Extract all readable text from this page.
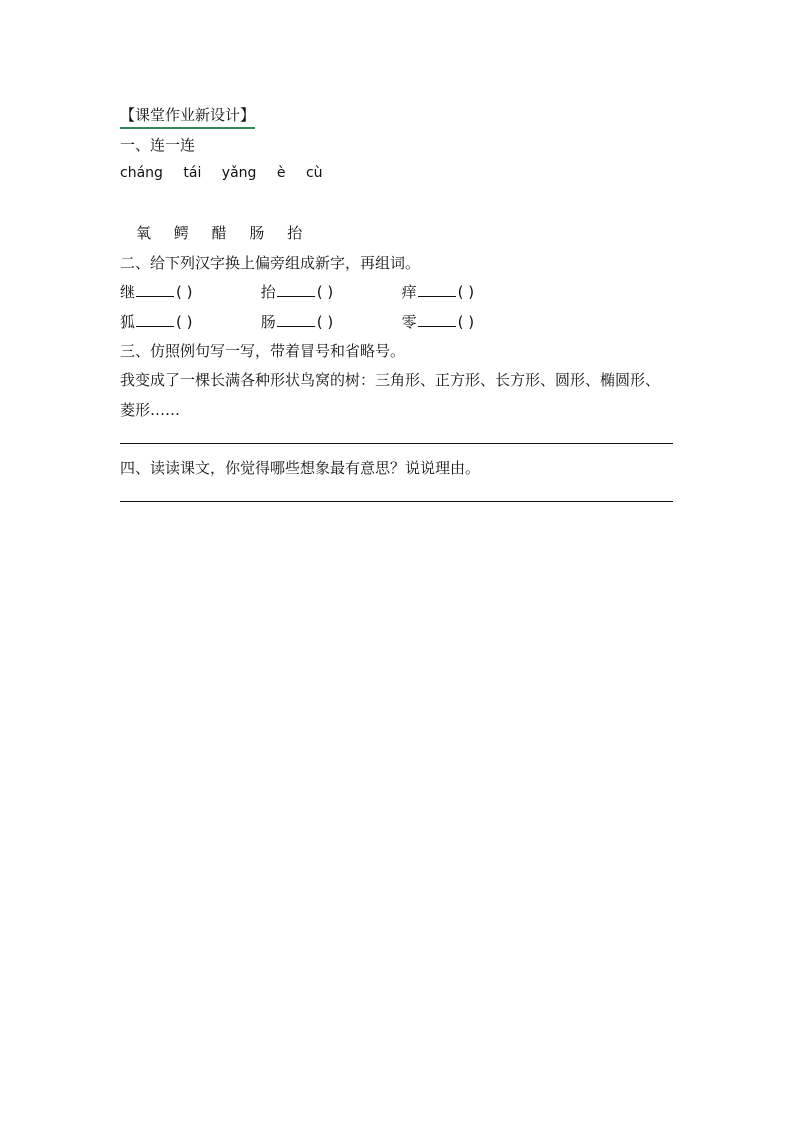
【课堂作业新设计】
一、连一连
cháng tái yǎng è cù
氧 鳄 醋 肠 抬
二、给下列汉字换上偏旁组成新字，再组词。
继	( )	抬	( )	痒	( )
狐	( )	肠	( )	零	( )
三、仿照例句写一写，带着冒号和省略号。
我变成了一棵长满各种形状鸟窝的树：三角形、正方形、长方形、圆形、椭圆形、
菱形……
四、读读课文，你觉得哪些想象最有意思？说说理由。
